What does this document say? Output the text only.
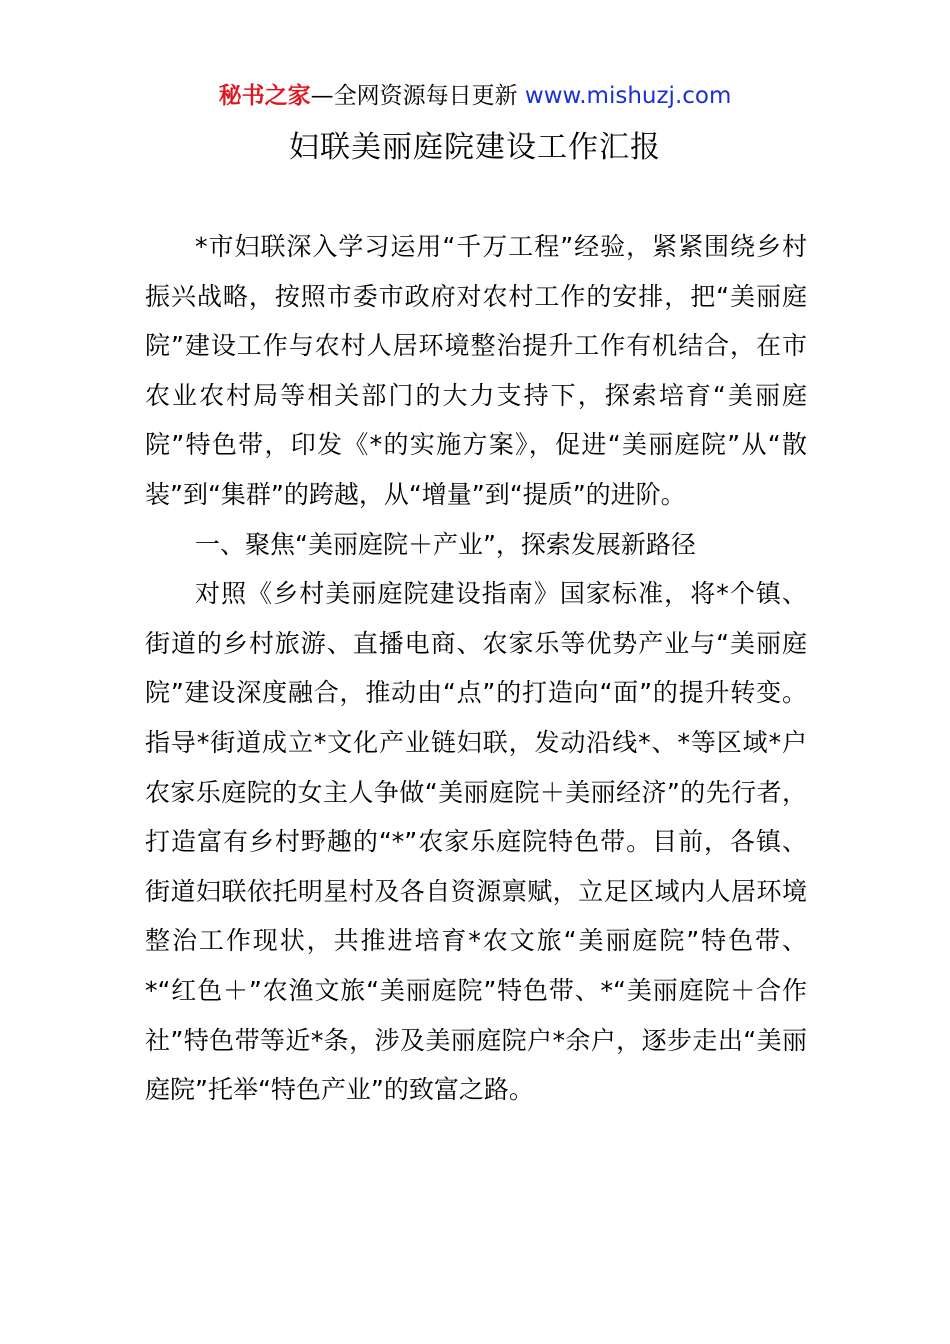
秘书之家—全网资源每日更新 www.mishuzj.com
妇联美丽庭院建设工作汇报

*市妇联深入学习运用“千万工程”经验，紧紧围绕乡村振兴战略，按照市委市政府对农村工作的安排，把“美丽庭院”建设工作与农村人居环境整治提升工作有机结合，在市农业农村局等相关部门的大力支持下，探索培育“美丽庭院”特色带，印发《*的实施方案》，促进“美丽庭院”从“散装”到“集群”的跨越，从“增量”到“提质”的进阶。

一、聚焦“美丽庭院＋产业”，探索发展新路径

对照《乡村美丽庭院建设指南》国家标准，将*个镇、街道的乡村旅游、直播电商、农家乐等优势产业与“美丽庭院”建设深度融合，推动由“点”的打造向“面”的提升转变。指导*街道成立*文化产业链妇联，发动沿线*、*等区域*户农家乐庭院的女主人争做“美丽庭院＋美丽经济”的先行者，打造富有乡村野趣的“*”农家乐庭院特色带。目前，各镇、街道妇联依托明星村及各自资源禀赋，立足区域内人居环境整治工作现状，共推进培育*农文旅“美丽庭院”特色带、*“红色＋”农渔文旅“美丽庭院”特色带、*“美丽庭院＋合作社”特色带等近*条，涉及美丽庭院户*余户，逐步走出“美丽庭院”托举“特色产业”的致富之路。
